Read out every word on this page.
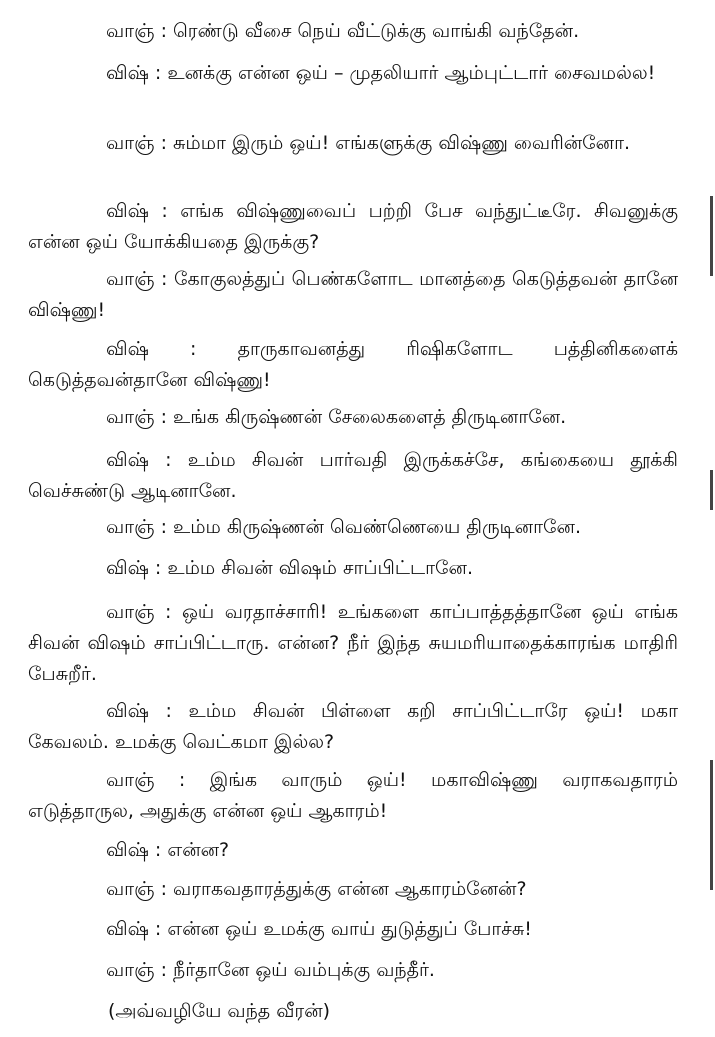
வாஞ் : ரெண்டு வீசை நெய் வீட்டுக்கு வாங்கி வந்தேன்.
விஷ் : உனக்கு என்ன ஒய் – முதலியார் ஆம்புட்டார் சைவமல்ல!
வாஞ் : சும்மா இரும் ஒய்! எங்களுக்கு விஷ்ணு வைரின்னோ.
விஷ் : எங்க விஷ்ணுவைப் பற்றி பேச வந்துட்டீரே. சிவனுக்கு என்ன ஒய் யோக்கியதை இருக்கு?
வாஞ் : கோகுலத்துப் பெண்களோட மானத்தை கெடுத்தவன் தானே விஷ்ணு!
விஷ் : தாருகாவனத்து ரிஷிகளோட பத்தினிகளைக் கெடுத்தவன்தானே விஷ்ணு!
வாஞ் : உங்க கிருஷ்ணன் சேலைகளைத் திருடினானே.
விஷ் : உம்ம சிவன் பார்வதி இருக்கச்சே, கங்கையை தூக்கி வெச்சுண்டு ஆடினானே.
வாஞ் : உம்ம கிருஷ்ணன் வெண்ணெயை திருடினானே.
விஷ் : உம்ம சிவன் விஷம் சாப்பிட்டானே.
வாஞ் : ஒய் வரதாச்சாரி! உங்களை காப்பாத்தத்தானே ஒய் எங்க சிவன் விஷம் சாப்பிட்டாரு. என்ன? நீர் இந்த சுயமரியாதைக்காரங்க மாதிரி பேசுறீர்.
விஷ் : உம்ம சிவன் பிள்ளை கறி சாப்பிட்டாரே ஒய்! மகா கேவலம். உமக்கு வெட்கமா இல்ல?
வாஞ் : இங்க வாரும் ஒய்! மகாவிஷ்ணு வராகவதாரம் எடுத்தாருல, அதுக்கு என்ன ஒய் ஆகாரம்!
விஷ் : என்ன?
வாஞ் : வராகவதாரத்துக்கு என்ன ஆகாரம்னேன்?
விஷ் : என்ன ஒய் உமக்கு வாய் துடுத்துப் போச்சு!
வாஞ் : நீர்தானே ஒய் வம்புக்கு வந்தீர்.
(அவ்வழியே வந்த வீரன்)
